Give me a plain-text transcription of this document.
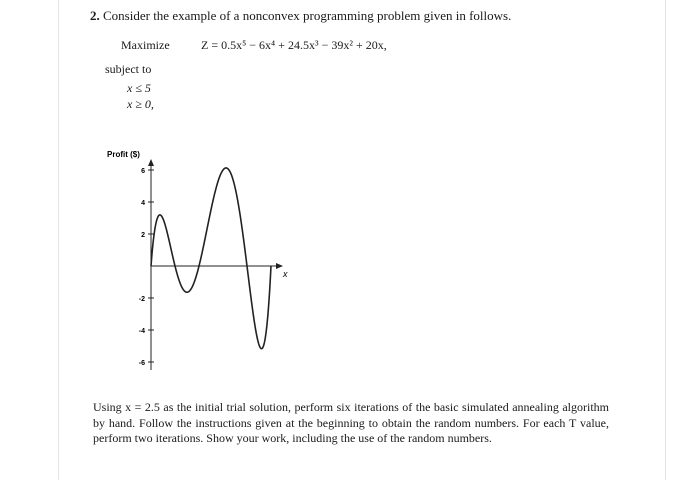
2. Consider the example of a nonconvex programming problem given in follows.
Maximize	Z = 0.5x⁵ − 6x⁴ + 24.5x³ − 39x² + 20x,
subject to
x ≤ 5
x ≥ 0,
Profit ($)
x
6
4
2
-2
-4
-6
Using x = 2.5 as the initial trial solution, perform six iterations of the basic simulated annealing algorithm by hand. Follow the instructions given at the beginning to obtain the random numbers. For each T value, perform two iterations. Show your work, including the use of the random numbers.
